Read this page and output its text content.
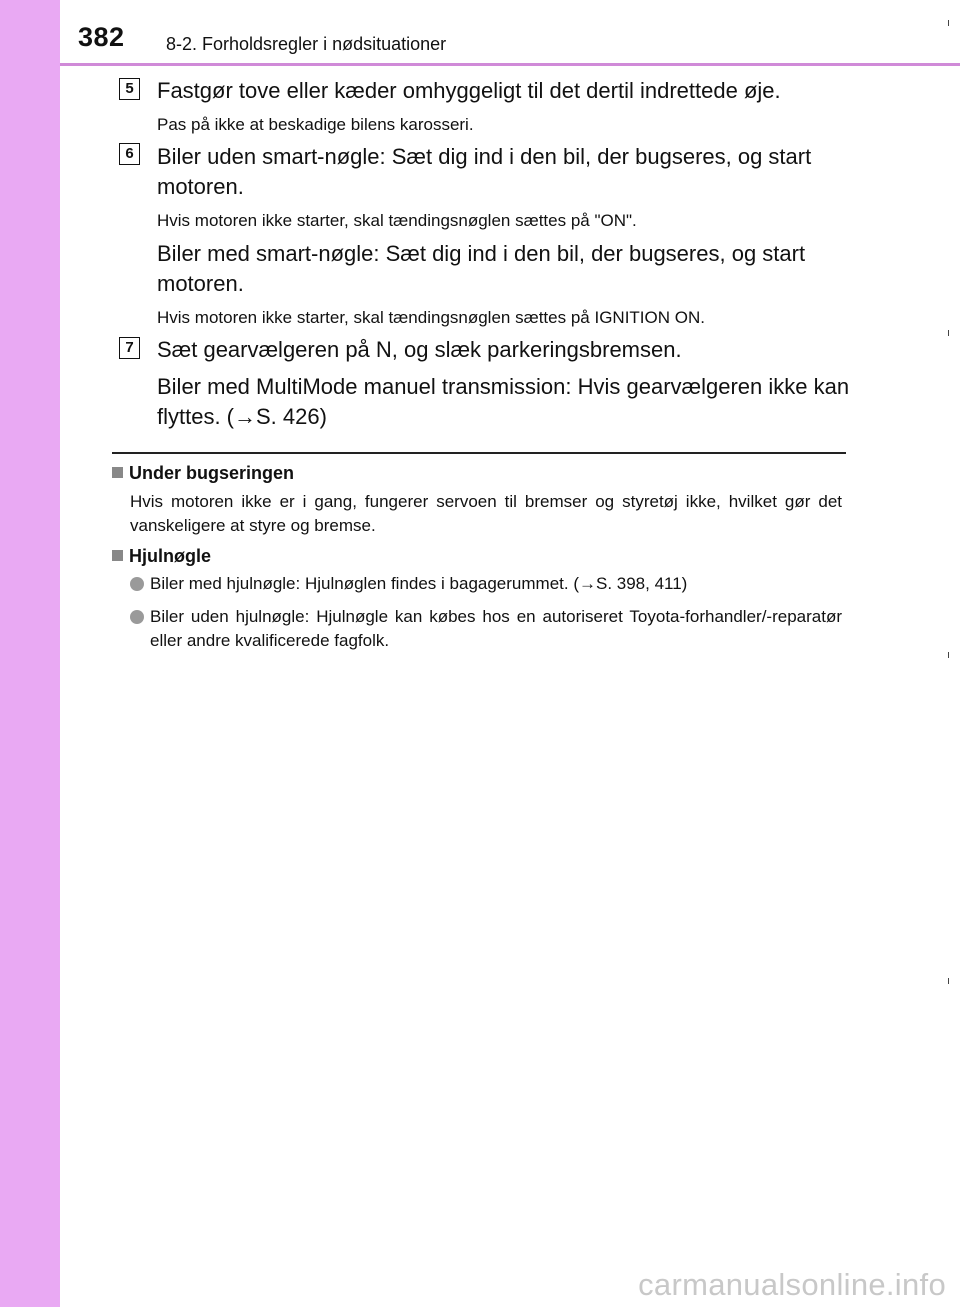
382 8-2. Forholdsregler i nødsituationer
5 Fastgør tove eller kæder omhyggeligt til det dertil indrettede øje.
Pas på ikke at beskadige bilens karosseri.
6 Biler uden smart-nøgle: Sæt dig ind i den bil, der bugseres, og start motoren.
Hvis motoren ikke starter, skal tændingsnøglen sættes på "ON".
Biler med smart-nøgle: Sæt dig ind i den bil, der bugseres, og start motoren.
Hvis motoren ikke starter, skal tændingsnøglen sættes på IGNITION ON.
7 Sæt gearvælgeren på N, og slæk parkeringsbremsen.
Biler med MultiMode manuel transmission: Hvis gearvælgeren ikke kan flyttes. (→S. 426)
Under bugseringen
Hvis motoren ikke er i gang, fungerer servoen til bremser og styretøj ikke, hvilket gør det vanskeligere at styre og bremse.
Hjulnøgle
Biler med hjulnøgle: Hjulnøglen findes i bagagerummet. (→S. 398, 411)
Biler uden hjulnøgle: Hjulnøgle kan købes hos en autoriseret Toyota-forhandler/-reparatør eller andre kvalificerede fagfolk.
carmanualsonline.info
